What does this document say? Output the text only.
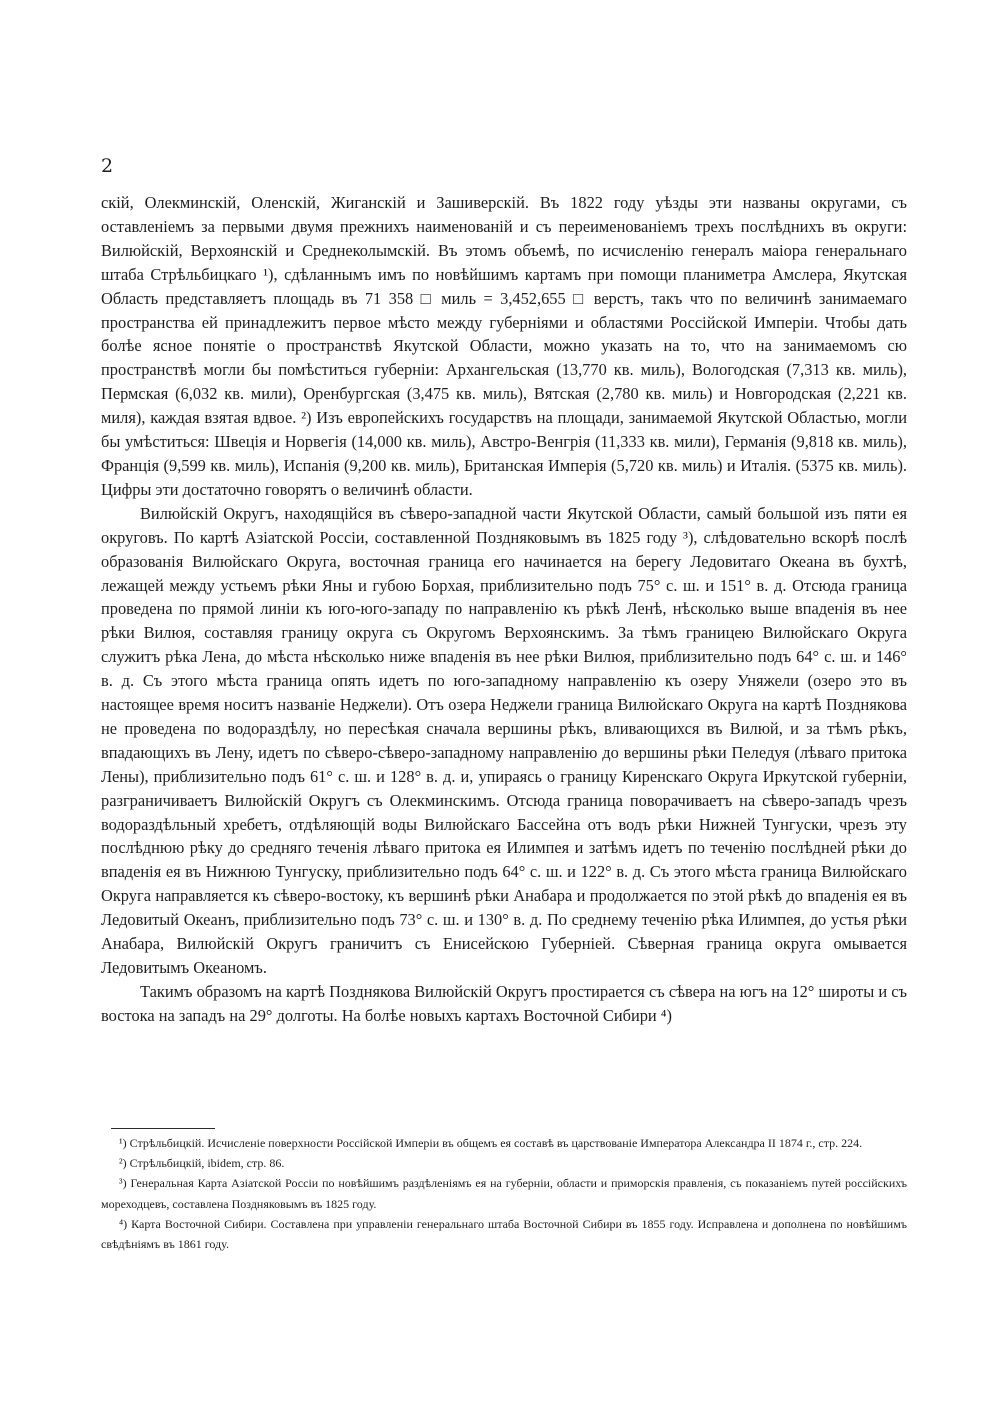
2

скій, Олекминскій, Оленскій, Жиганскій и Зашиверскій. Въ 1822 году уѣзды эти названы округами, съ оставленіемъ за первыми двумя прежнихъ наименованій и съ переименованіемъ трехъ послѣднихъ въ округи: Вилюйскій, Верхоянскій и Среднеколымскій. Въ этомъ объемѣ, по исчисленію генералъ маіора генеральнаго штаба Стрѣльбицкаго ¹), сдѣланнымъ имъ по новѣйшимъ картамъ при помощи планиметра Амслера, Якутская Область представляетъ площадь въ 71 358 □ миль = 3,452,655 □ верстъ, такъ что по величинѣ занимаемаго пространства ей принадлежитъ первое мѣсто между губерніями и областями Россійской Имперіи. Чтобы дать болѣе ясное понятіе о пространствѣ Якутской Области, можно указать на то, что на занимаемомъ сю пространствѣ могли бы помѣститься губерніи: Архангельская (13,770 кв. миль), Вологодская (7,313 кв. миль), Пермская (6,032 кв. мили), Оренбургская (3,475 кв. миль), Вятская (2,780 кв. миль) и Новгородская (2,221 кв. миля), каждая взятая вдвое. ²) Изъ европейскихъ государствъ на площади, занимаемой Якутской Областью, могли бы умѣститься: Швеція и Норвегія (14,000 кв. миль), Австро-Венгрія (11,333 кв. мили), Германія (9,818 кв. миль), Франція (9,599 кв. миль), Испанія (9,200 кв. миль), Британская Имперія (5,720 кв. миль) и Италія. (5375 кв. миль). Цифры эти достаточно говорятъ о величинѣ области.

Вилюйскій Округъ, находящійся въ сѣверо-западной части Якутской Области, самый большой изъ пяти ея округовъ. По картѣ Азіатской Россіи, составленной Поздняковымъ въ 1825 году ³), слѣдовательно вскорѣ послѣ образованія Вилюйскаго Округа, восточная граница его начинается на берегу Ледовитаго Океана въ бухтѣ, лежащей между устьемъ рѣки Яны и губою Борхая, приблизительно подъ 75° с. ш. и 151° в. д. Отсюда граница проведена по прямой линіи къ юго-юго-западу по направленію къ рѣкѣ Ленѣ, нѣсколько выше впаденія въ нее рѣки Вилюя, составляя границу округа съ Округомъ Верхоянскимъ. За тѣмъ границею Вилюйскаго Округа служитъ рѣка Лена, до мѣста нѣсколько ниже впаденія въ нее рѣки Вилюя, приблизительно подъ 64° с. ш. и 146° в. д. Съ этого мѣста граница опять идетъ по юго-западному направленію къ озеру Уняжели (озеро это въ настоящее время носитъ названіе Неджели). Отъ озера Неджели граница Вилюйскаго Округа на картѣ Позднякова не проведена по водораздѣлу, но пересѣкая сначала вершины рѣкъ, вливающихся въ Вилюй, и за тѣмъ рѣкъ, впадающихъ въ Лену, идетъ по сѣверо-сѣверо-западному направленію до вершины рѣки Пеледуя (лѣваго притока Лены), приблизительно подъ 61° с. ш. и 128° в. д. и, упираясь о границу Киренскаго Округа Иркутской губерніи, разграничиваетъ Вилюйскій Округъ съ Олекминскимъ. Отсюда граница поворачиваетъ на сѣверо-западъ чрезъ водораздѣльный хребетъ, отдѣляющій воды Вилюйскаго Бассейна отъ водъ рѣки Нижней Тунгуски, чрезъ эту послѣднюю рѣку до средняго теченія лѣваго притока ея Илимпея и затѣмъ идетъ по теченію послѣдней рѣки до впаденія ея въ Нижнюю Тунгуску, приблизительно подъ 64° с. ш. и 122° в. д. Съ этого мѣста граница Вилюйскаго Округа направляется къ сѣверо-востоку, къ вершинѣ рѣки Анабара и продолжается по этой рѣкѣ до впаденія ея въ Ледовитый Океанъ, приблизительно подъ 73° с. ш. и 130° в. д. По среднему теченію рѣка Илимпея, до устья рѣки Анабара, Вилюйскій Округъ граничитъ съ Енисейскою Губерніей. Сѣверная граница округа омывается Ледовитымъ Океаномъ.

Такимъ образомъ на картѣ Позднякова Вилюйскій Округъ простирается съ сѣвера на югъ на 12° широты и съ востока на западъ на 29° долготы. На болѣе новыхъ картахъ Восточной Сибири ⁴)

¹) Стрѣльбицкій. Исчисленіе поверхности Россійской Имперіи въ общемъ ея составѣ въ царствованіе Императора Александра II 1874 г., стр. 224.

²) Стрѣльбицкій, ibidem, стр. 86.

³) Генеральная Карта Азіатской Россіи по новѣйшимъ раздѣленіямъ ея на губерніи, области и приморскія правленія, съ показаніемъ путей россійскихъ мореходцевъ, составлена Поздняковымъ въ 1825 году.

⁴) Карта Восточной Сибири. Составлена при управленіи генеральнаго штаба Восточной Сибири въ 1855 году. Исправлена и дополнена по новѣйшимъ свѣдѣніямъ въ 1861 году.
